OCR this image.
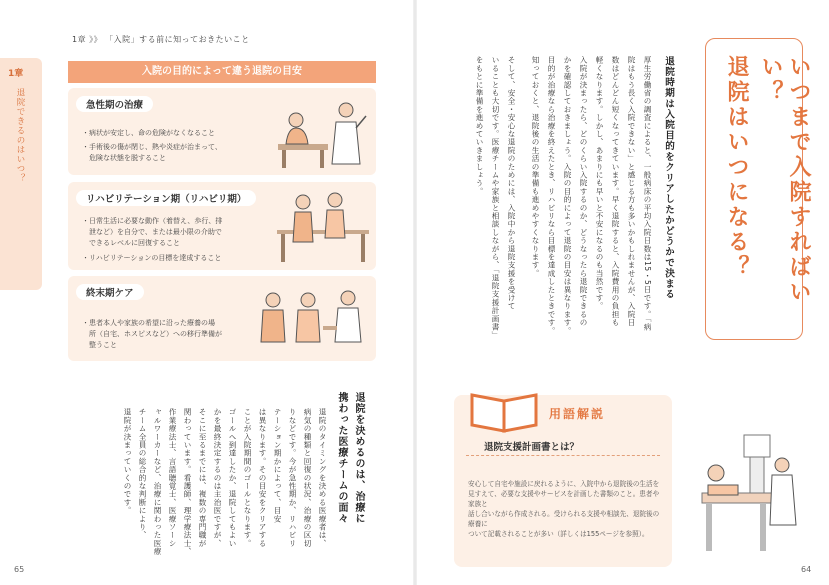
1章 》》 「入院」する前に知っておきたいこと
1章
退院できるのはいつ？
入院の目的によって違う退院の目安
急性期の治療
・病状が安定し、命の危険がなくなること
・手術後の傷が閉じ、熱や炎症が治まって、
　危険な状態を脱すること
リハビリテーション期（リハビリ期）
・日常生活に必要な動作（着替え、歩行、排
　泄など）を自分で、または最小限の介助で
　できるレベルに回復すること
・リハビリテーションの目標を達成すること
終末期ケア
・患者本人や家族の希望に沿った療養の場
　所（自宅、ホスピスなど）への移行準備が
　整うこと
退院を決めるのは、治療に
携わった医療チームの面々
退院のタイミングを決める医療者は、
病気の種類と回復の状況、治療の区切
りなどです。今が急性期か、リハビリ
テーション期かによって、目安
は異なります。その目安をクリアする
ことが入院期間のゴールとなります。
ゴールへ到達したか、退院してもよい
かを最終決定するのは主治医ですが、
そこに至るまでには、複数の専門職が
関わっています。看護師、理学療法士、
作業療法士、言語聴覚士、医療ソーシ
ャルワーカーなど、治療に関わった医療
チーム全員の総合的な判断により、
退院が決まっていくのです。
65
いつまで入院すればいい？
退院はいつになる？
退院時期は入院目的をクリアしたかどうかで決まる
厚生労働省の調査によると、一般病床の平均入院日数は15・5日です。「病
院はもう長く入院できない」と感じる方も多いかもしれませんが、入院日
数はどんどん短くなってきています。早く退院すると、入院費用の負担も
軽くなります。しかし、あまりにも早いと不安になるのも当然です。
入院が決まったら、どのくらい入院するのか、どうなったら退院できるの
かを確認しておきましょう。入院の目的によって退院の目安は異なります。
目的が治療なら治療を終えたとき、リハビリなら目標を達成したときです。
知っておくと、退院後の生活の準備も進めやすくなります。
そして、安全・安心な退院のためには、入院中から退院支援を受けて
いることも大切です。医療チームや家族と相談しながら、「退院支援計画書」
をもとに準備を進めていきましょう。
用語解説
退院支援計画書とは？
安心して自宅や施設に戻れるように、入院中から退院後の生活を
見すえて、必要な支援やサービスを計画した書類のこと。患者や家族と
話し合いながら作成される。受けられる支援や相談先、退院後の療養に
ついて記載されることが多い（詳しくは155ページを参照）。
64
